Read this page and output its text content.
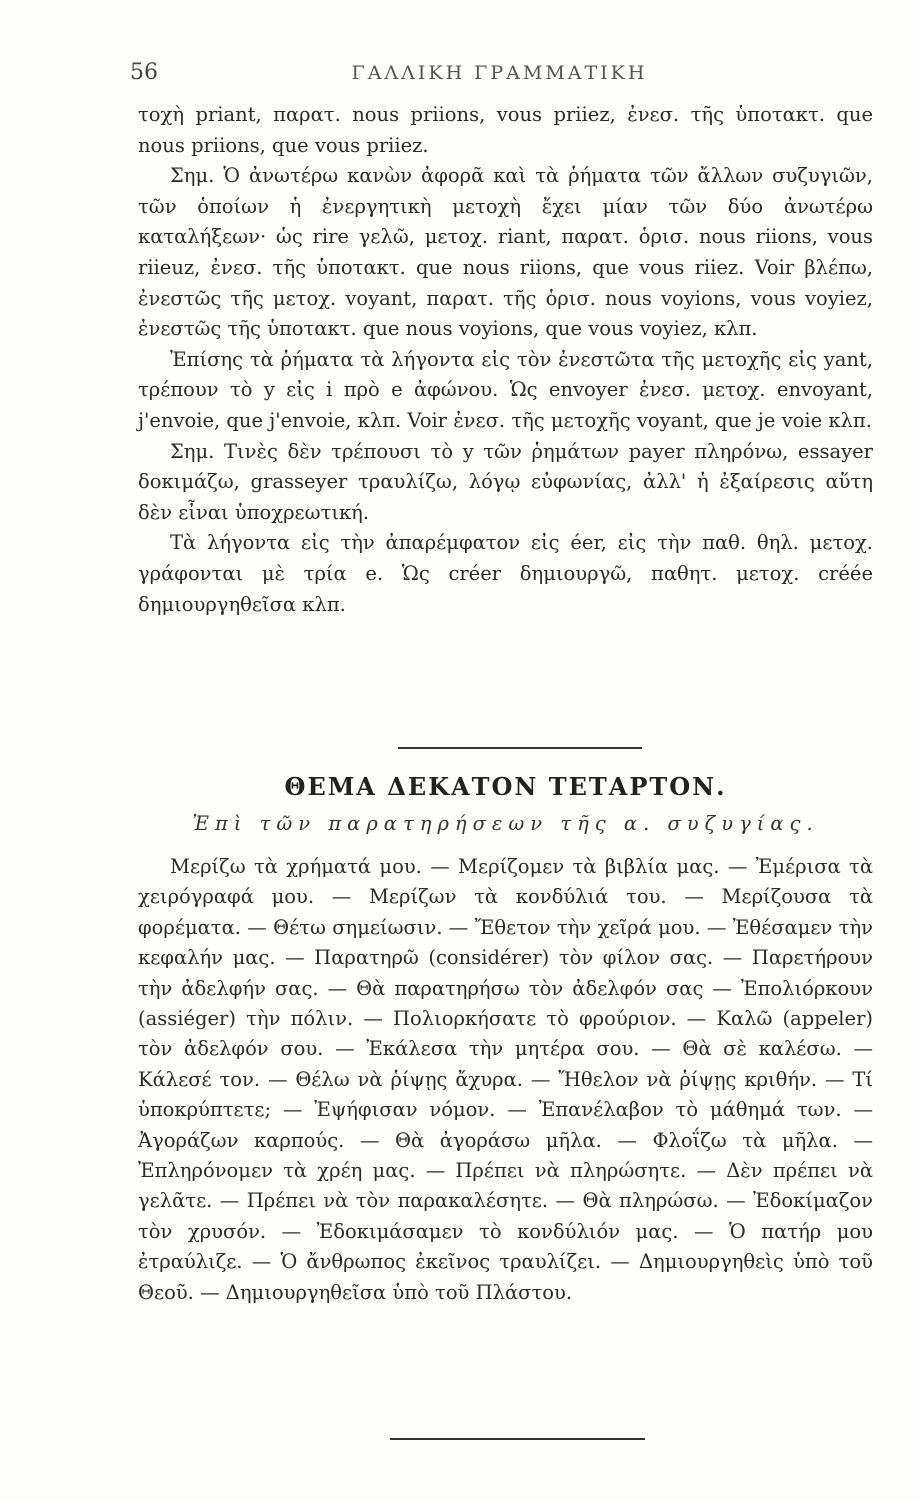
56	ΓΑΛΛΙΚΗ ΓΡΑΜΜΑΤΙΚΗ

τοχὴ priant, παρατ. nous priions, vous priiez, ἐνεσ. τῆς ὑποτακτ. que nous priions, que vous priiez.

Σημ. Ὁ ἀνωτέρω κανὼν ἀφορᾶ καὶ τὰ ῥήματα τῶν ἄλλων συζυγιῶν, τῶν ὁποίων ἡ ἐνεργητικὴ μετοχὴ ἔχει μίαν τῶν δύο ἀνωτέρω καταλήξεων· ὡς rire γελῶ, μετοχ. riant, παρατ. ὁρισ. nous riions, vous riieuz, ἐνεσ. τῆς ὑποτακτ. que nous riions, que vous riiez. Voir βλέπω, ἐνεστῶς τῆς μετοχ. voyant, παρατ. τῆς ὁρισ. nous voyions, vous voyiez, ἐνεστῶς τῆς ὑποτακτ. que nous voyions, que vous voyiez, κλπ.

Ἐπίσης τὰ ῥήματα τὰ λήγοντα εἰς τὸν ἐνεστῶτα τῆς μετοχῆς εἰς yant, τρέπουν τὸ y εἰς i πρὸ e ἀφώνου. Ὡς envoyer ἐνεσ. μετοχ. envoyant, j'envoie, que j'envoie, κλπ. Voir ἐνεσ. τῆς μετοχῆς voyant, que je voie κλπ.

Σημ. Τινὲς δὲν τρέπουσι τὸ y τῶν ῥημάτων payer πληρόνω, essayer δοκιμάζω, grasseyer τραυλίζω, λόγῳ εὐφωνίας, ἀλλ' ἡ ἐξαίρεσις αὕτη δὲν εἶναι ὑποχρεωτική.

Τὰ λήγοντα εἰς τὴν ἀπαρέμφατον εἰς éer, εἰς τὴν παθ. θηλ. μετοχ. γράφονται μὲ τρία e. Ὡς créer δημιουργῶ, παθητ. μετοχ. créée δημιουργηθεῖσα κλπ.

ΘΕΜΑ ΔΕΚΑΤΟΝ ΤΕΤΑΡΤΟΝ.
Ἐπὶ τῶν παρατηρήσεων τῆς α. συζυγίας.

Μερίζω τὰ χρήματά μου. — Μερίζομεν τὰ βιβλία μας. — Ἐμέρισα τὰ χειρόγραφά μου. — Μερίζων τὰ κονδύλιά του. — Μερίζουσα τὰ φορέματα. — Θέτω σημείωσιν. — Ἔθετον τὴν χεῖρά μου. — Ἐθέσαμεν τὴν κεφαλήν μας. — Παρατηρῶ (considérer) τὸν φίλον σας. — Παρετήρουν τὴν ἀδελφήν σας. — Θὰ παρατηρήσω τὸν ἀδελφόν σας — Ἐπολιόρκουν (assiéger) τὴν πόλιν. — Πολιορκήσατε τὸ φρούριον. — Καλῶ (appeler) τὸν ἀδελφόν σου. — Ἐκάλεσα τὴν μητέρα σου. — Θὰ σὲ καλέσω. — Κάλεσέ τον. — Θέλω νὰ ῥίψῃς ἄχυρα. — Ἤθελον νὰ ῥίψῃς κριθήν. — Τί ὑποκρύπτετε; — Ἐψήφισαν νόμον. — Ἐπανέλαβον τὸ μάθημά των. — Ἀγοράζων καρπούς. — Θὰ ἀγοράσω μῆλα. — Φλοΐζω τὰ μῆλα. — Ἐπληρόνομεν τὰ χρέη μας. — Πρέπει νὰ πληρώσητε. — Δὲν πρέπει νὰ γελᾶτε. — Πρέπει νὰ τὸν παρακαλέσητε. — Θὰ πληρώσω. — Ἐδοκίμαζον τὸν χρυσόν. — Ἐδοκιμάσαμεν τὸ κονδύλιόν μας. — Ὁ πατήρ μου ἐτραύλιζε. — Ὁ ἄνθρωπος ἐκεῖνος τραυλίζει. — Δημιουργηθεὶς ὑπὸ τοῦ Θεοῦ. — Δημιουργηθεῖσα ὑπὸ τοῦ Πλάστου.
